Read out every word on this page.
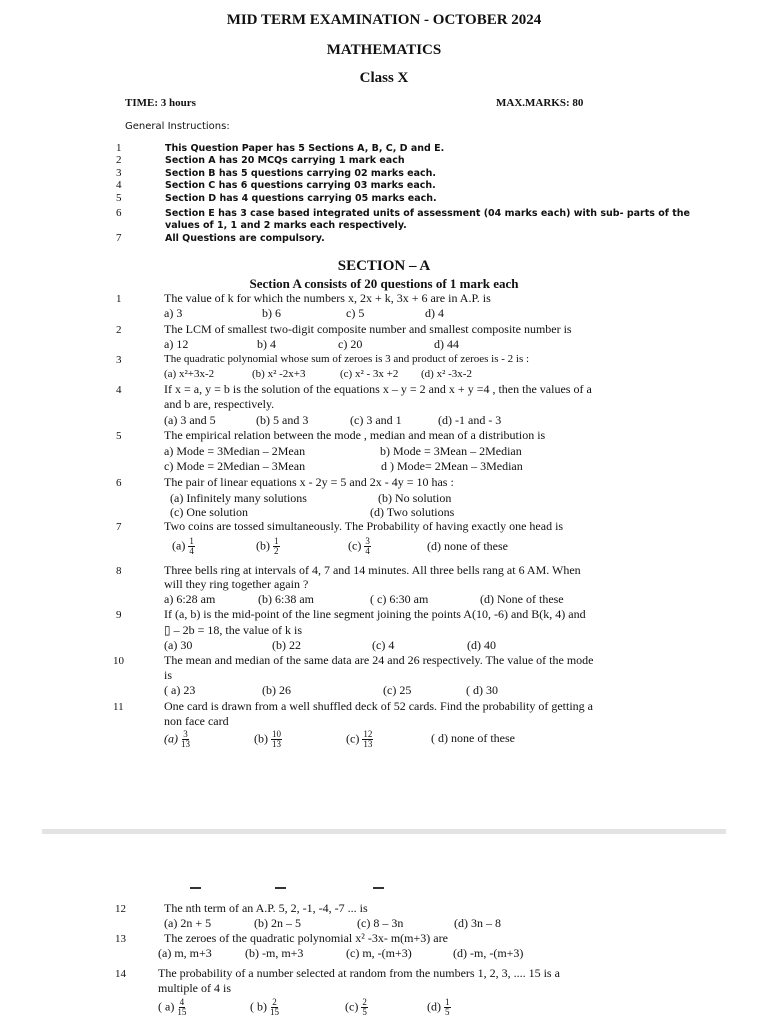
MID TERM EXAMINATION - OCTOBER 2024
MATHEMATICS
Class X
TIME: 3 hours	MAX.MARKS: 80
General Instructions:
1	This Question Paper has 5 Sections A, B, C, D and E.
2	Section A has 20 MCQs carrying 1 mark each
3	Section B has 5 questions carrying 02 marks each.
4	Section C has 6 questions carrying 03 marks each.
5	Section D has 4 questions carrying 05 marks each.
6	Section E has 3 case based integrated units of assessment (04 marks each) with sub- parts of the
values of 1, 1 and 2 marks each respectively.
7	All Questions are compulsory.
SECTION – A
Section A consists of 20 questions of 1 mark each
1	The value of k for which the numbers x, 2x + k, 3x + 6 are in A.P. is
a) 3	b) 6	c) 5	d) 4
2	The LCM of smallest two-digit composite number and smallest composite number is
a) 12	b) 4	c) 20	d) 44
3	The quadratic polynomial whose sum of zeroes is 3 and product of zeroes is - 2 is :
(a) x²+3x-2	(b) x² -2x+3	(c) x² - 3x +2 (d) x² -3x-2
4	If x = a, y = b is the solution of the equations x – y = 2 and x + y =4 , then the values of a
and b are, respectively.
(a) 3 and 5	(b) 5 and 3	(c) 3 and 1	(d) -1 and - 3
5	The empirical relation between the mode , median and mean of a distribution is
a) Mode = 3Median – 2Mean	b) Mode = 3Mean – 2Median
c) Mode = 2Median – 3Mean	d ) Mode= 2Mean – 3Median
6	The pair of linear equations x - 2y = 5 and 2x - 4y = 10 has :
(a) Infinitely many solutions	(b) No solution
(c) One solution	(d) Two solutions
7	Two coins are tossed simultaneously. The Probability of having exactly one head is
$(a) \frac{1}{4}$	$(b) \frac{1}{2}$	$(c) \frac{3}{4}$	(d) none of these
8	Three bells ring at intervals of 4, 7 and 14 minutes. All three bells rang at 6 AM. When
will they ring together again ?
a) 6:28 am	(b) 6:38 am	( c) 6:30 am	(d) None of these
9	If (a, b) is the mid-point of the line segment joining the points A(10, -6) and B(k, 4) and
▯ – 2b = 18, the value of k is
(a) 30	(b) 22	(c) 4	(d) 40
10	The mean and median of the same data are 24 and 26 respectively. The value of the mode
is
( a) 23	(b) 26	(c) 25	( d) 30
11	One card is drawn from a well shuffled deck of 52 cards. Find the probability of getting a
non face card
$(a) \frac{3}{13}$	$(b) \frac{10}{13}$	$(c) \frac{12}{13}$	( d) none of these
12	The nth term of an A.P. 5, 2, -1, -4, -7 ... is
(a) 2n + 5	(b) 2n – 5	(c) 8 – 3n	(d) 3n – 8
13	The zeroes of the quadratic polynomial x² -3x- m(m+3) are
(a) m, m+3	(b) -m, m+3	(c) m, -(m+3)	(d) -m, -(m+3)
14	The probability of a number selected at random from the numbers 1, 2, 3, .... 15 is a
multiple of 4 is
( $a) \frac{4}{15}$	( $b) \frac{2}{15}$	$(c) \frac{2}{5}$	$(d) \frac{1}{5}$
